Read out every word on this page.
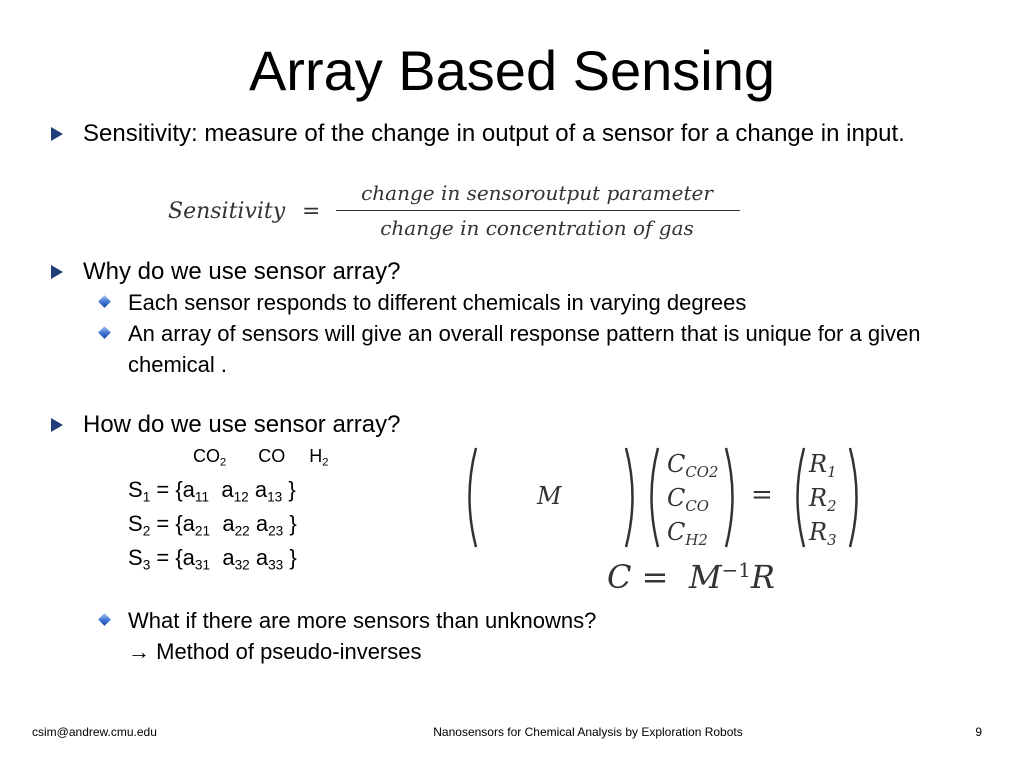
Array Based Sensing
Sensitivity: measure of the change in output of a sensor for a change in input.
Sensitivity =
change in sensoroutput parameter
change in concentration of gas
Why do we use sensor array?
Each sensor responds to different chemicals in varying degrees
An array of sensors will give an overall response pattern that is unique for a given chemical .
How do we use sensor array?
$CO_2$ CO $H_2$
$S_1 = \{a_{11}$ $a_{12}$ $a_{13}$ }
$S_2 = \{a_{21}$ $a_{22}$ $a_{23}$ }
$S_3 = \{a_{31}$ $a_{32}$ $a_{33}$ }
M
$C_{CO2}$
$C_{CO}$
$C_{H2}$
=
$R_1$
$R_2$
$R_3$
$C = M^{-1}R$
What if there are more sensors than unknowns?
→ Method of pseudo-inverses
csim@andrew.cmu.edu	Nanosensors for Chemical Analysis by Exploration Robots	9
